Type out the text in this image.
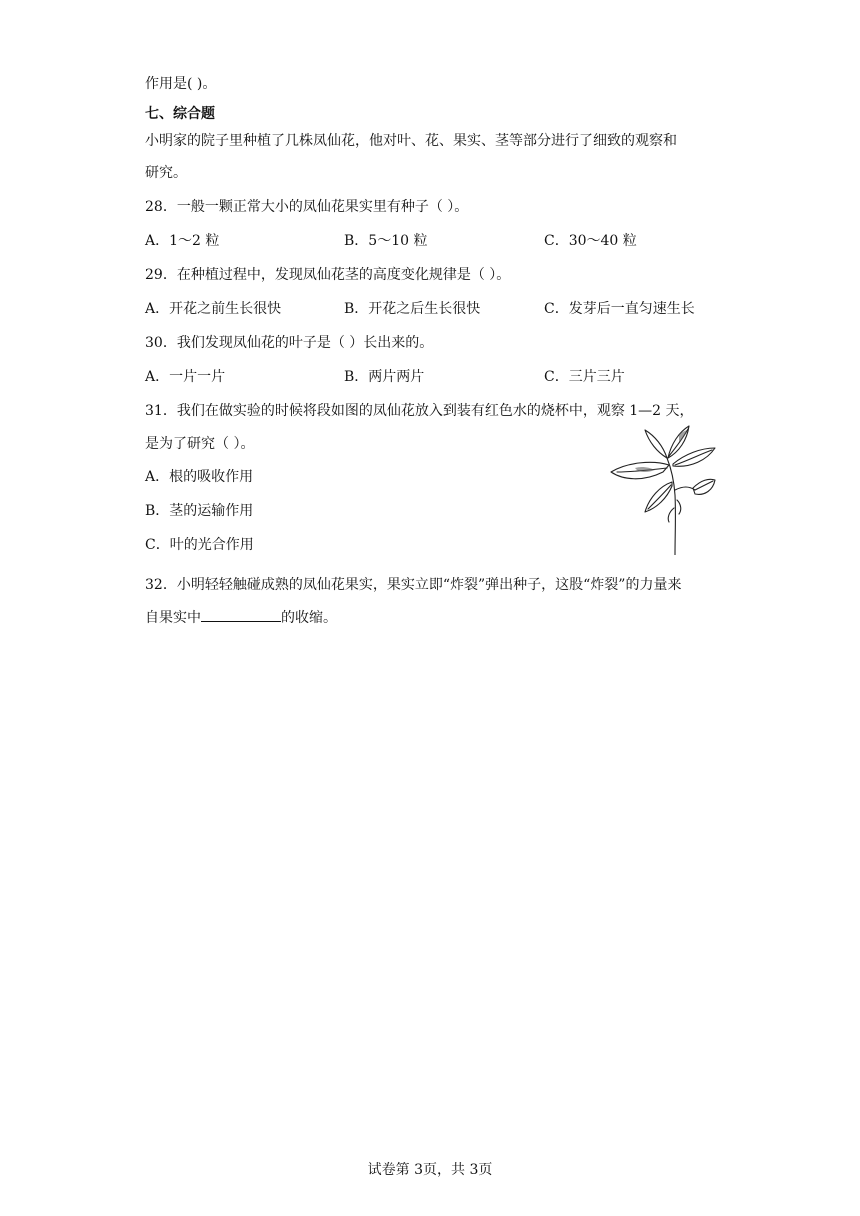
作用是( )。
七、综合题
小明家的院子里种植了几株凤仙花，他对叶、花、果实、茎等部分进行了细致的观察和
研究。
28．一般一颗正常大小的凤仙花果实里有种子（ ）。
A．1～2 粒	B．5～10 粒	C．30～40 粒
29．在种植过程中，发现凤仙花茎的高度变化规律是（ ）。
A．开花之前生长很快	B．开花之后生长很快	C．发芽后一直匀速生长
30．我们发现凤仙花的叶子是（ ）长出来的。
A．一片一片	B．两片两片	C．三片三片
31．我们在做实验的时候将段如图的凤仙花放入到装有红色水的烧杯中，观察 1—2 天，
是为了研究（ ）。
A．根的吸收作用
B．茎的运输作用
C．叶的光合作用
32．小明轻轻触碰成熟的凤仙花果实，果实立即“炸裂”弹出种子，这股“炸裂”的力量来
自果实中	的收缩。
试卷第 3页，共 3页
